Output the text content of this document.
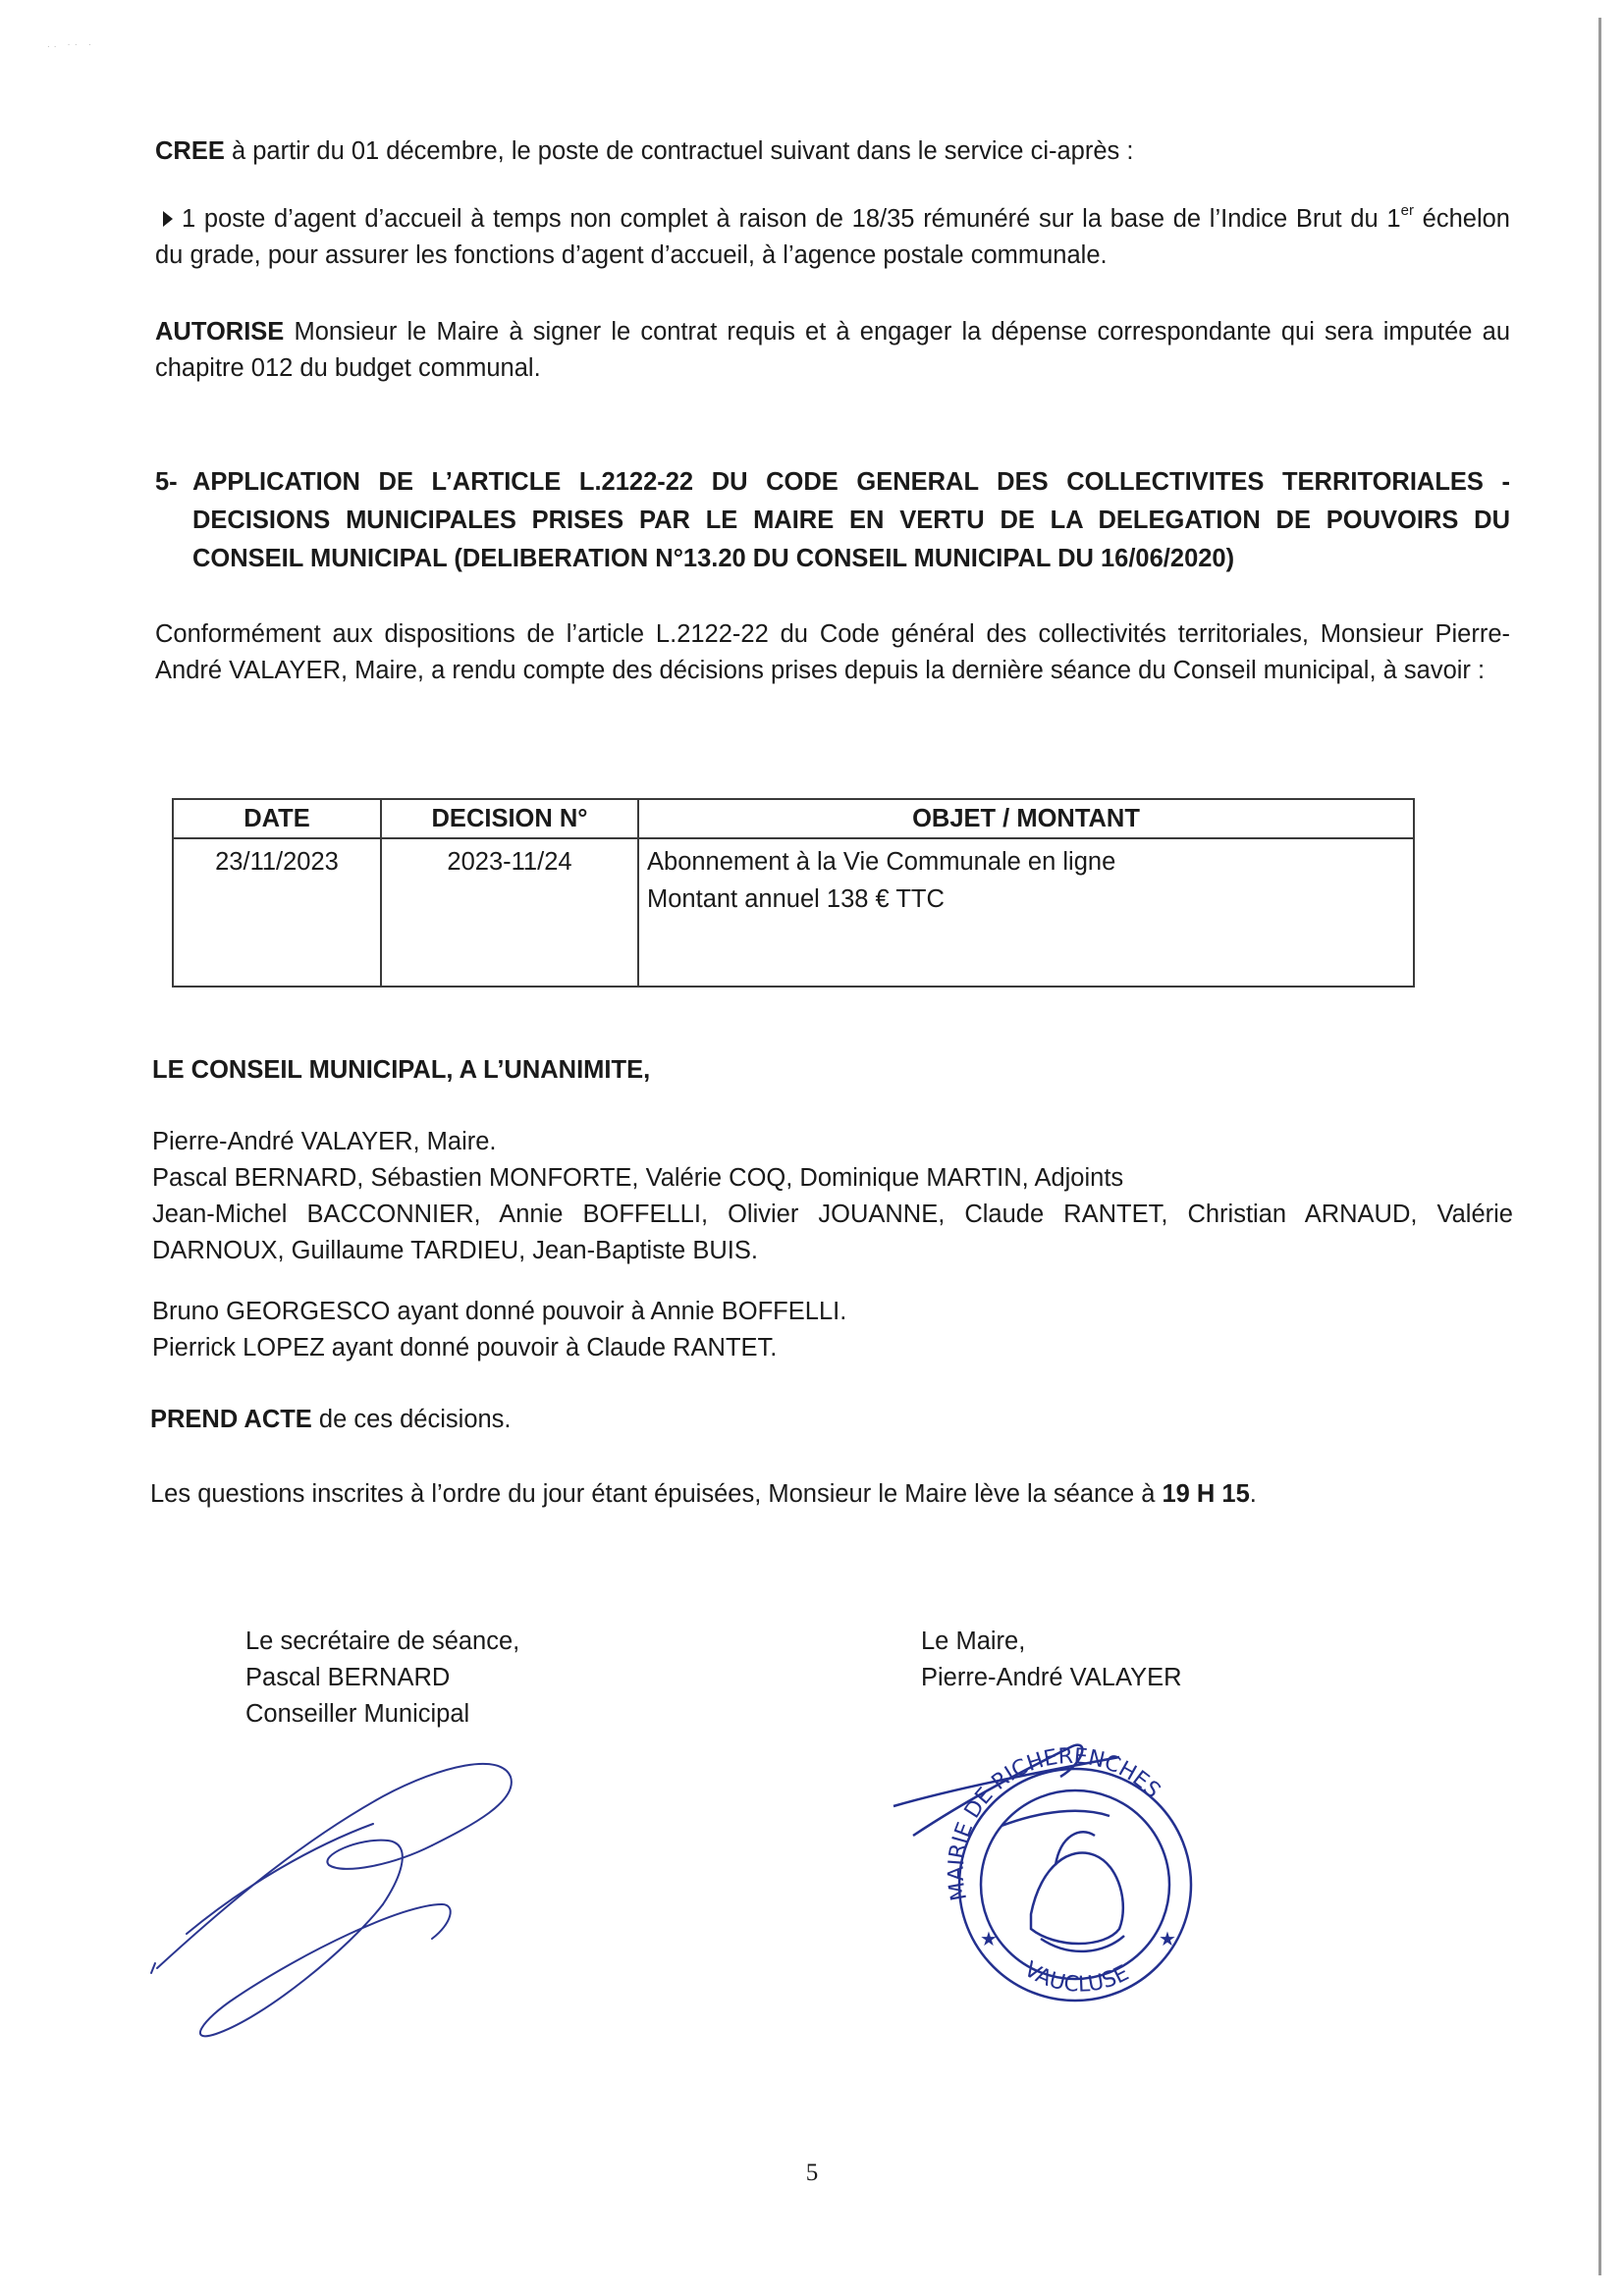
.. ·· ·
CREE à partir du 01 décembre, le poste de contractuel suivant dans le service ci-après :
1 poste d’agent d’accueil à temps non complet à raison de 18/35 rémunéré sur la base de l’Indice Brut du 1er échelon du grade, pour assurer les fonctions d’agent d’accueil, à l’agence postale communale.
AUTORISE Monsieur le Maire à signer le contrat requis et à engager la dépense correspondante qui sera imputée au chapitre 012 du budget communal.
5- APPLICATION DE L’ARTICLE L.2122-22 DU CODE GENERAL DES COLLECTIVITES TERRITORIALES - DECISIONS MUNICIPALES PRISES PAR LE MAIRE EN VERTU DE LA DELEGATION DE POUVOIRS DU CONSEIL MUNICIPAL (DELIBERATION N°13.20 DU CONSEIL MUNICIPAL DU 16/06/2020)
Conformément aux dispositions de l’article L.2122-22 du Code général des collectivités territoriales, Monsieur Pierre-André VALAYER, Maire, a rendu compte des décisions prises depuis la dernière séance du Conseil municipal, à savoir :
DATE	DECISION N°	OBJET / MONTANT
23/11/2023	2023-11/24	Abonnement à la Vie Communale en ligne
Montant annuel 138 € TTC
LE CONSEIL MUNICIPAL, A L’UNANIMITE,
Pierre-André VALAYER, Maire.
Pascal BERNARD, Sébastien MONFORTE, Valérie COQ, Dominique MARTIN, Adjoints
Jean-Michel BACCONNIER, Annie BOFFELLI, Olivier JOUANNE, Claude RANTET, Christian ARNAUD, Valérie DARNOUX, Guillaume TARDIEU, Jean-Baptiste BUIS.
Bruno GEORGESCO ayant donné pouvoir à Annie BOFFELLI.
Pierrick LOPEZ ayant donné pouvoir à Claude RANTET.
PREND ACTE de ces décisions.
Les questions inscrites à l’ordre du jour étant épuisées, Monsieur le Maire lève la séance à 19 H 15.
Le secrétaire de séance,
Pascal BERNARD
Conseiller Municipal
Le Maire,
Pierre-André VALAYER
MAIRIE DE RICHERENCHES
VAUCLUSE
★	★
5
